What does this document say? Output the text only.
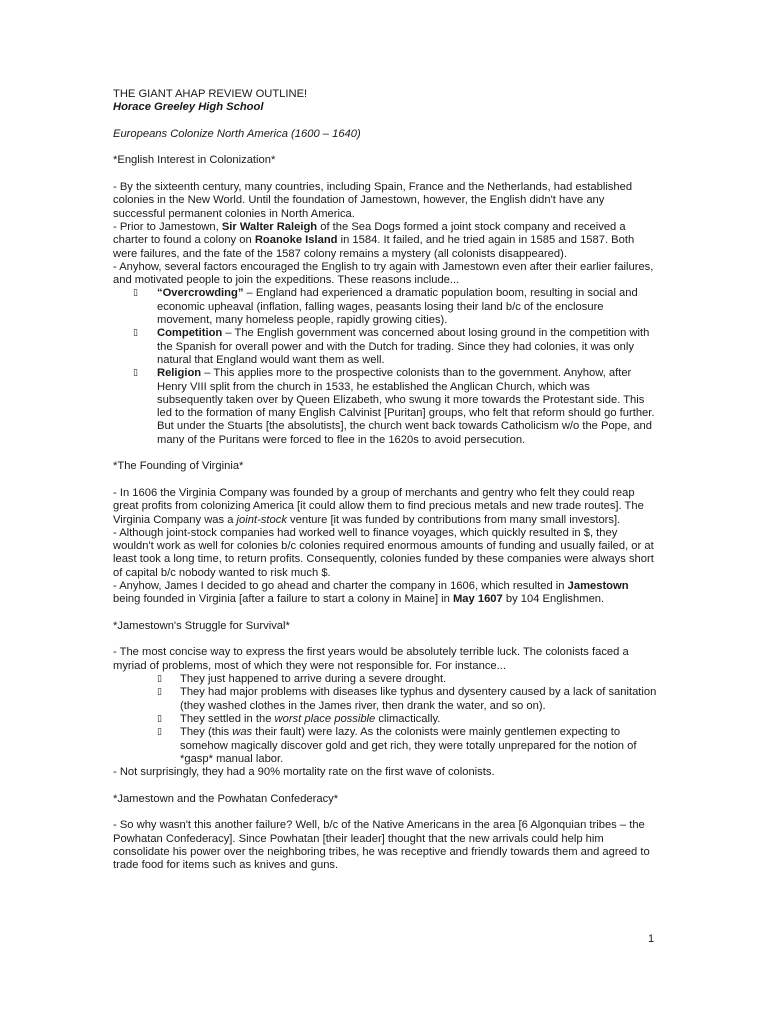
THE GIANT AHAP REVIEW OUTLINE!

Horace Greeley High School

Europeans Colonize North America (1600 – 1640)

*English Interest in Colonization*

- By the sixteenth century, many countries, including Spain, France and the Netherlands, had established colonies in the New World. Until the foundation of Jamestown, however, the English didn't have any successful permanent colonies in North America.

- Prior to Jamestown, Sir Walter Raleigh of the Sea Dogs formed a joint stock company and received a charter to found a colony on Roanoke Island in 1584. It failed, and he tried again in 1585 and 1587. Both were failures, and the fate of the 1587 colony remains a mystery (all colonists disappeared).

- Anyhow, several factors encouraged the English to try again with Jamestown even after their earlier failures, and motivated people to join the expeditions. These reasons include...

▯ “Overcrowding” – England had experienced a dramatic population boom, resulting in social and economic upheaval (inflation, falling wages, peasants losing their land b/c of the enclosure movement, many homeless people, rapidly growing cities).
▯ Competition – The English government was concerned about losing ground in the competition with the Spanish for overall power and with the Dutch for trading. Since they had colonies, it was only natural that England would want them as well.
▯ Religion – This applies more to the prospective colonists than to the government. Anyhow, after Henry VIII split from the church in 1533, he established the Anglican Church, which was subsequently taken over by Queen Elizabeth, who swung it more towards the Protestant side. This led to the formation of many English Calvinist [Puritan] groups, who felt that reform should go further. But under the Stuarts [the absolutists], the church went back towards Catholicism w/o the Pope, and many of the Puritans were forced to flee in the 1620s to avoid persecution.

*The Founding of Virginia*

- In 1606 the Virginia Company was founded by a group of merchants and gentry who felt they could reap great profits from colonizing America [it could allow them to find precious metals and new trade routes]. The Virginia Company was a joint-stock venture [it was funded by contributions from many small investors].

- Although joint-stock companies had worked well to finance voyages, which quickly resulted in $, they wouldn't work as well for colonies b/c colonies required enormous amounts of funding and usually failed, or at least took a long time, to return profits. Consequently, colonies funded by these companies were always short of capital b/c nobody wanted to risk much $.

- Anyhow, James I decided to go ahead and charter the company in 1606, which resulted in Jamestown being founded in Virginia [after a failure to start a colony in Maine] in May 1607 by 104 Englishmen.

*Jamestown's Struggle for Survival*

- The most concise way to express the first years would be absolutely terrible luck. The colonists faced a myriad of problems, most of which they were not responsible for. For instance...

▯ They just happened to arrive during a severe drought.
▯ They had major problems with diseases like typhus and dysentery caused by a lack of sanitation (they washed clothes in the James river, then drank the water, and so on).
▯ They settled in the worst place possible climactically.
▯ They (this was their fault) were lazy. As the colonists were mainly gentlemen expecting to somehow magically discover gold and get rich, they were totally unprepared for the notion of *gasp* manual labor.

- Not surprisingly, they had a 90% mortality rate on the first wave of colonists.

*Jamestown and the Powhatan Confederacy*

- So why wasn't this another failure? Well, b/c of the Native Americans in the area [6 Algonquian tribes – the Powhatan Confederacy]. Since Powhatan [their leader] thought that the new arrivals could help him consolidate his power over the neighboring tribes, he was receptive and friendly towards them and agreed to trade food for items such as knives and guns.

1
